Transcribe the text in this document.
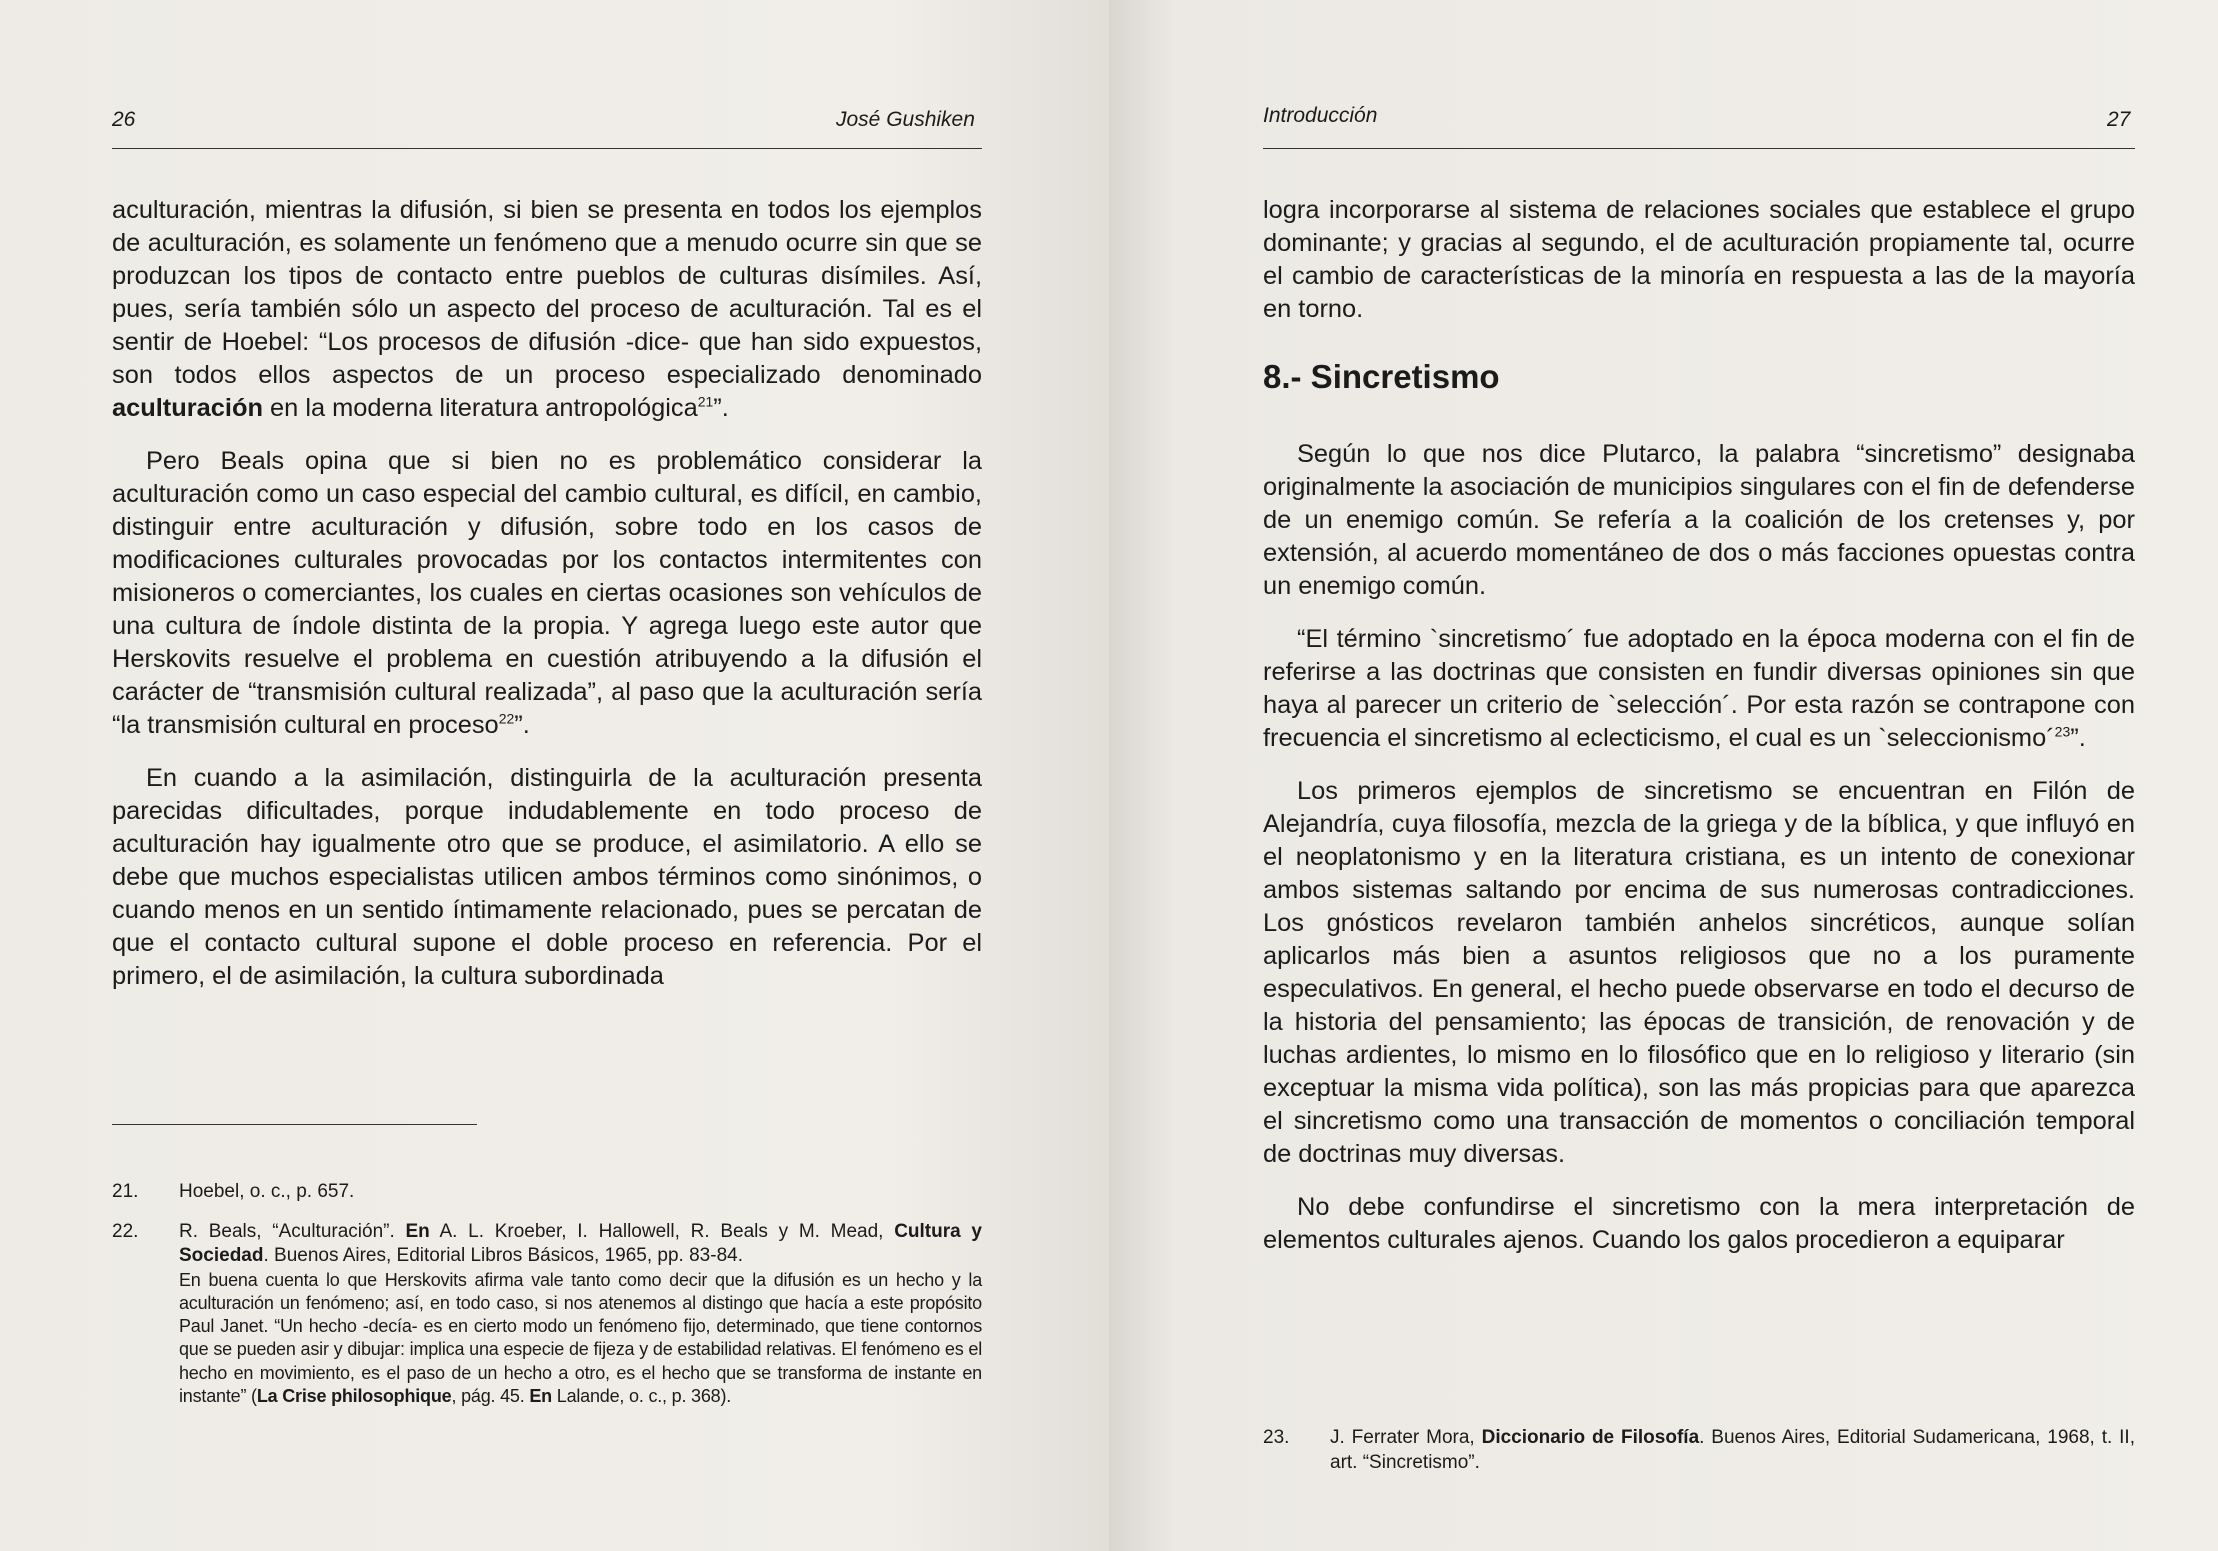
26	José Gushiken

aculturación, mientras la difusión, si bien se presenta en todos los ejemplos de aculturación, es solamente un fenómeno que a menudo ocurre sin que se produzcan los tipos de contacto entre pueblos de culturas disímiles. Así, pues, sería también sólo un aspecto del proceso de aculturación. Tal es el sentir de Hoebel: “Los procesos de difusión -dice- que han sido expuestos, son todos ellos aspectos de un proceso especializado denominado aculturación en la moderna literatura antropológica$^{21}$”.

Pero Beals opina que si bien no es problemático considerar la aculturación como un caso especial del cambio cultural, es difícil, en cambio, distinguir entre aculturación y difusión, sobre todo en los casos de modificaciones culturales provocadas por los contactos intermitentes con misioneros o comerciantes, los cuales en ciertas ocasiones son vehículos de una cultura de índole distinta de la propia. Y agrega luego este autor que Herskovits resuelve el problema en cuestión atribuyendo a la difusión el carácter de “transmisión cultural realizada”, al paso que la aculturación sería “la transmisión cultural en proceso$^{22}$”.

En cuando a la asimilación, distinguirla de la aculturación presenta parecidas dificultades, porque indudablemente en todo proceso de aculturación hay igualmente otro que se produce, el asimilatorio. A ello se debe que muchos especialistas utilicen ambos términos como sinónimos, o cuando menos en un sentido íntimamente relacionado, pues se percatan de que el contacto cultural supone el doble proceso en referencia. Por el primero, el de asimilación, la cultura subordinada

21.	Hoebel, o. c., p. 657.
22.	R. Beals, “Aculturación”. En A. L. Kroeber, I. Hallowell, R. Beals y M. Mead, Cultura y Sociedad. Buenos Aires, Editorial Libros Básicos, 1965, pp. 83-84.
En buena cuenta lo que Herskovits afirma vale tanto como decir que la difusión es un hecho y la aculturación un fenómeno; así, en todo caso, si nos atenemos al distingo que hacía a este propósito Paul Janet. “Un hecho -decía- es en cierto modo un fenómeno fijo, determinado, que tiene contornos que se pueden asir y dibujar: implica una especie de fijeza y de estabilidad relativas. El fenómeno es el hecho en movimiento, es el paso de un hecho a otro, es el hecho que se transforma de instante en instante” (La Crise philosophique, pág. 45. En Lalande, o. c., p. 368).
Introducción	27

logra incorporarse al sistema de relaciones sociales que establece el grupo dominante; y gracias al segundo, el de aculturación propiamente tal, ocurre el cambio de características de la minoría en respuesta a las de la mayoría en torno.

8.- Sincretismo

Según lo que nos dice Plutarco, la palabra “sincretismo” designaba originalmente la asociación de municipios singulares con el fin de defenderse de un enemigo común. Se refería a la coalición de los cretenses y, por extensión, al acuerdo momentáneo de dos o más facciones opuestas contra un enemigo común.

“El término `sincretismo´ fue adoptado en la época moderna con el fin de referirse a las doctrinas que consisten en fundir diversas opiniones sin que haya al parecer un criterio de `selección´. Por esta razón se contrapone con frecuencia el sincretismo al eclecticismo, el cual es un `seleccionismo´$^{23}$”.

Los primeros ejemplos de sincretismo se encuentran en Filón de Alejandría, cuya filosofía, mezcla de la griega y de la bíblica, y que influyó en el neoplatonismo y en la literatura cristiana, es un intento de conexionar ambos sistemas saltando por encima de sus numerosas contradicciones. Los gnósticos revelaron también anhelos sincréticos, aunque solían aplicarlos más bien a asuntos religiosos que no a los puramente especulativos. En general, el hecho puede observarse en todo el decurso de la historia del pensamiento; las épocas de transición, de renovación y de luchas ardientes, lo mismo en lo filosófico que en lo religioso y literario (sin exceptuar la misma vida política), son las más propicias para que aparezca el sincretismo como una transacción de momentos o conciliación temporal de doctrinas muy diversas.

No debe confundirse el sincretismo con la mera interpretación de elementos culturales ajenos. Cuando los galos procedieron a equiparar

23.	J. Ferrater Mora, Diccionario de Filosofía. Buenos Aires, Editorial Sudamericana, 1968, t. II, art. “Sincretismo”.
